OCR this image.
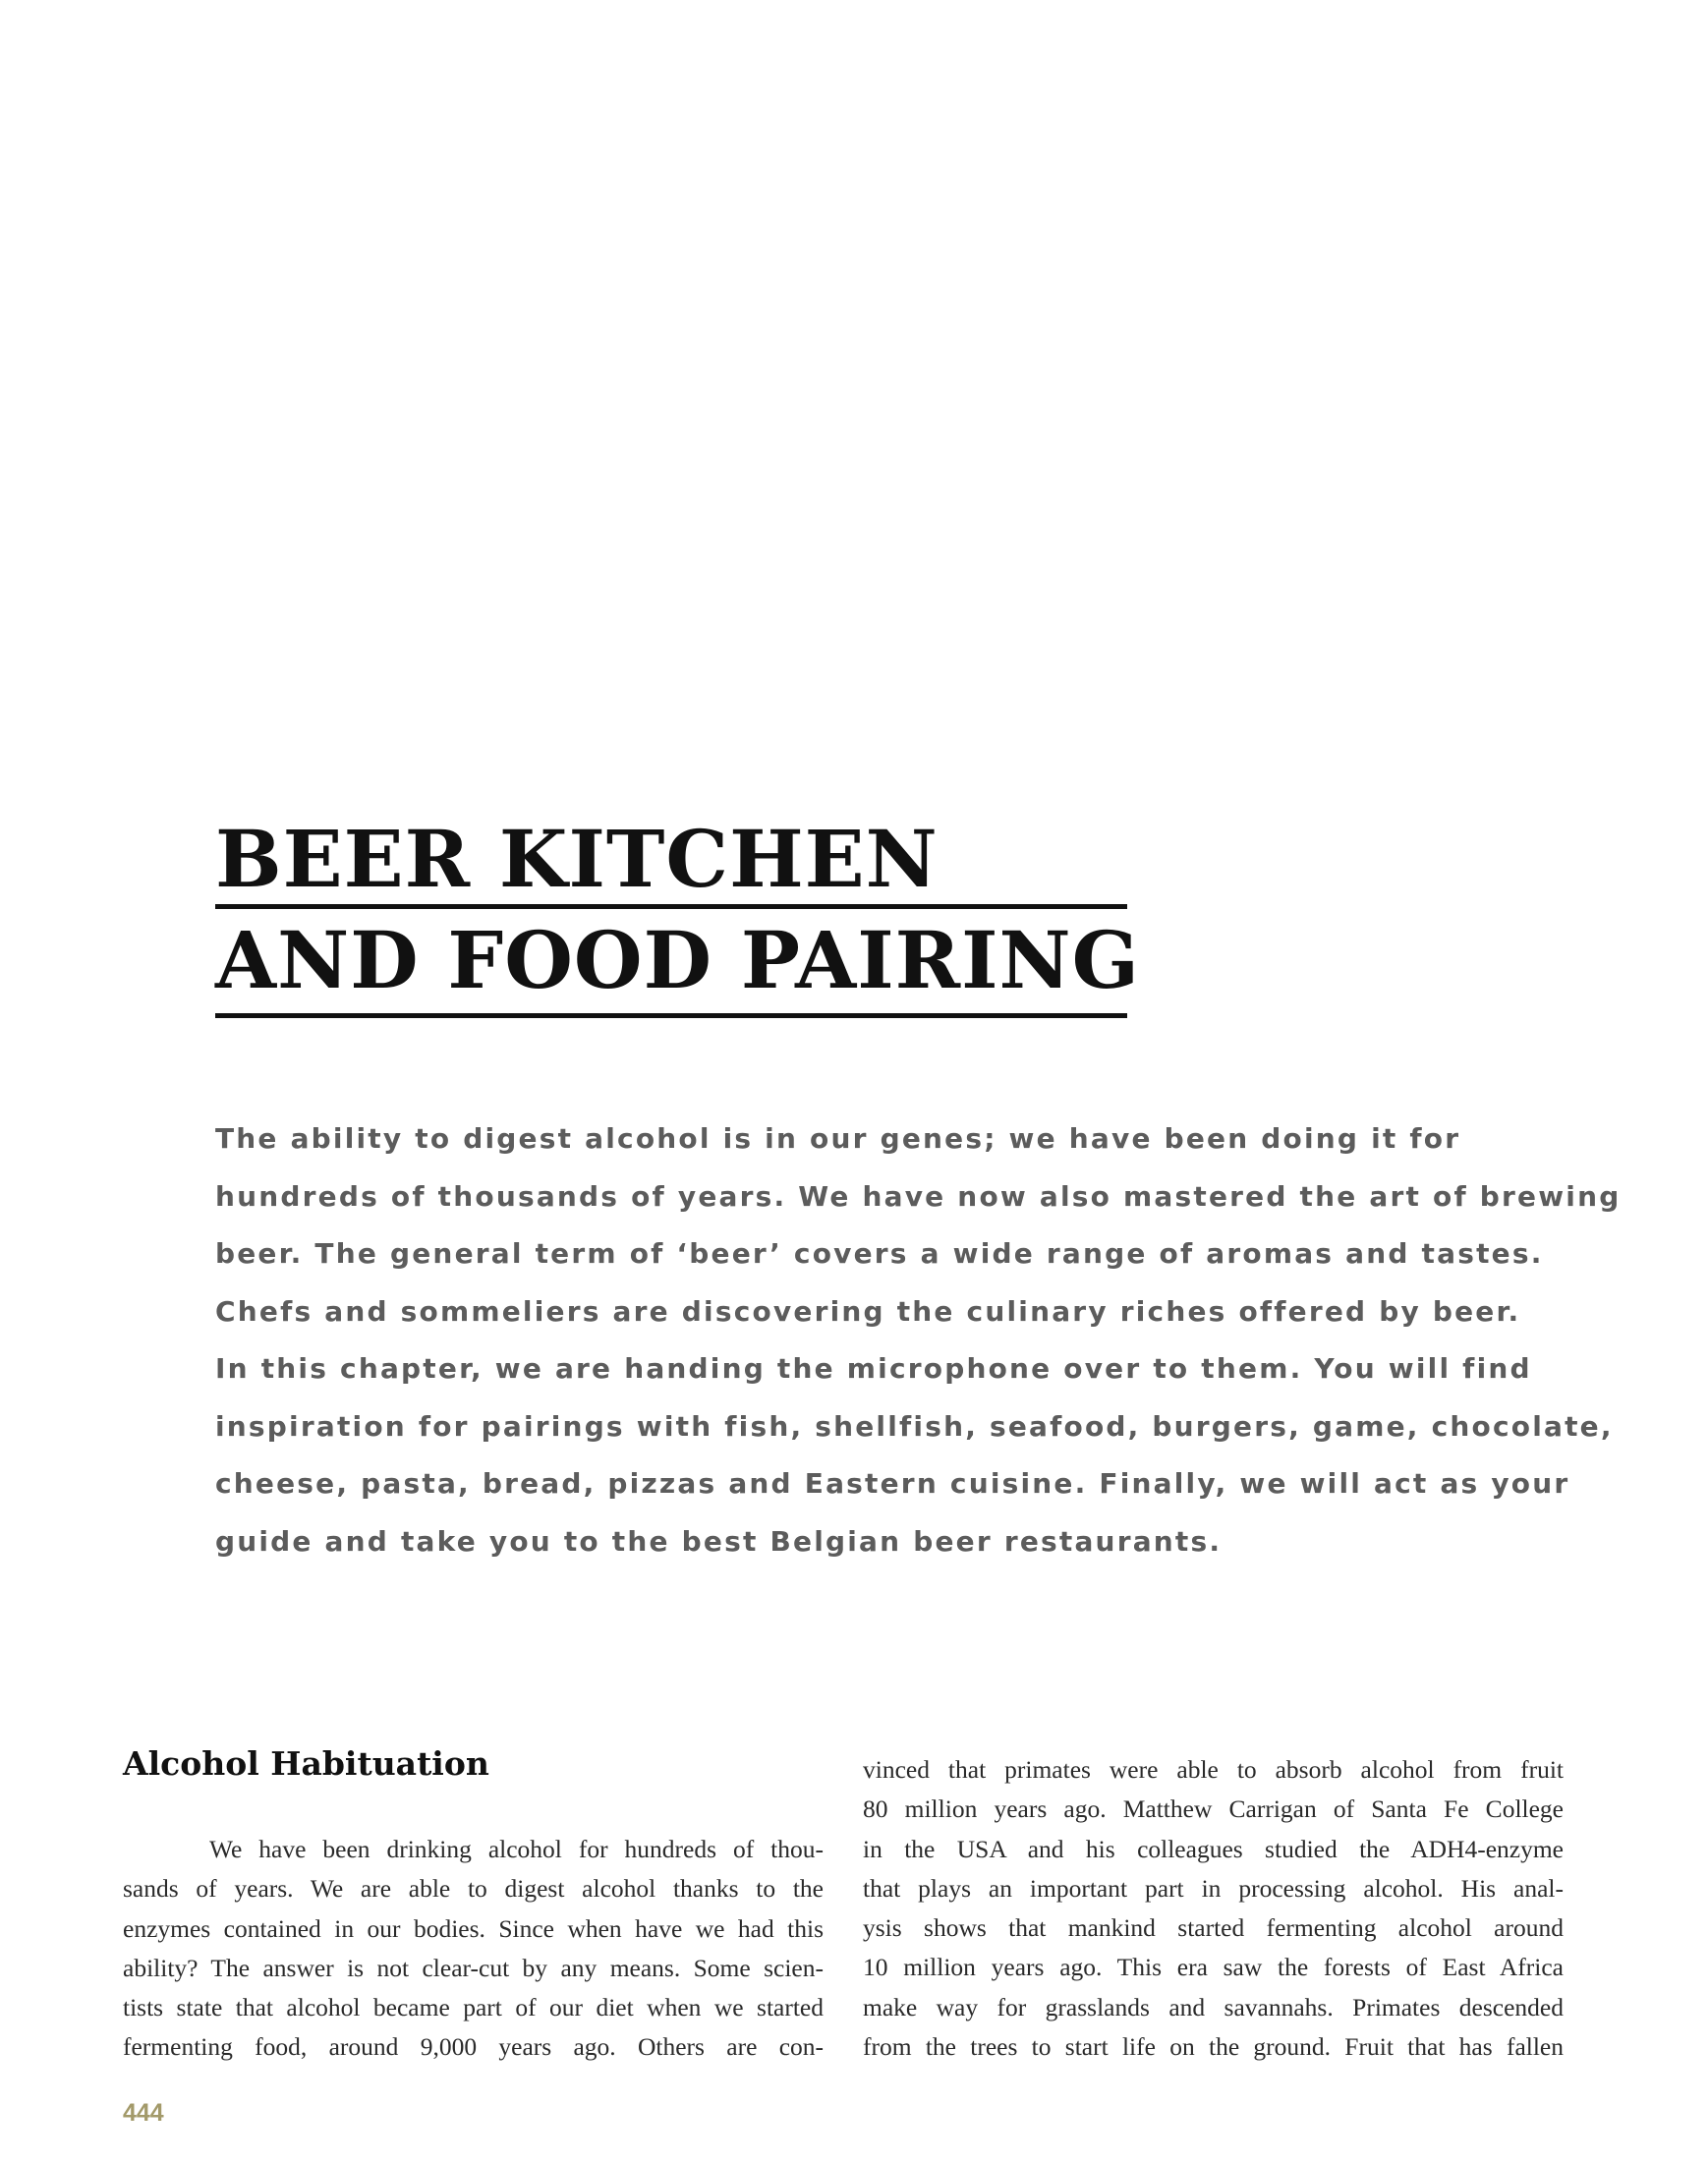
BEER KITCHEN
AND FOOD PAIRING

The ability to digest alcohol is in our genes; we have been doing it for

hundreds of thousands of years. We have now also mastered the art of brewing

beer. The general term of ‘beer’ covers a wide range of aromas and tastes.

Chefs and sommeliers are discovering the culinary riches offered by beer.

In this chapter, we are handing the microphone over to them. You will find

inspiration for pairings with fish, shellfish, seafood, burgers, game, chocolate,

cheese, pasta, bread, pizzas and Eastern cuisine. Finally, we will act as your

guide and take you to the best Belgian beer restaurants.

Alcohol Habituation

We have been drinking alcohol for hundreds of thou-

sands of years. We are able to digest alcohol thanks to the

enzymes contained in our bodies. Since when have we had this

ability? The answer is not clear-cut by any means. Some scien-

tists state that alcohol became part of our diet when we started

fermenting food, around 9,000 years ago. Others are con-

vinced that primates were able to absorb alcohol from fruit

80 million years ago. Matthew Carrigan of Santa Fe College

in the USA and his colleagues studied the ADH4-enzyme

that plays an important part in processing alcohol. His anal-

ysis shows that mankind started fermenting alcohol around

10 million years ago. This era saw the forests of East Africa

make way for grasslands and savannahs. Primates descended

from the trees to start life on the ground. Fruit that has fallen

444
